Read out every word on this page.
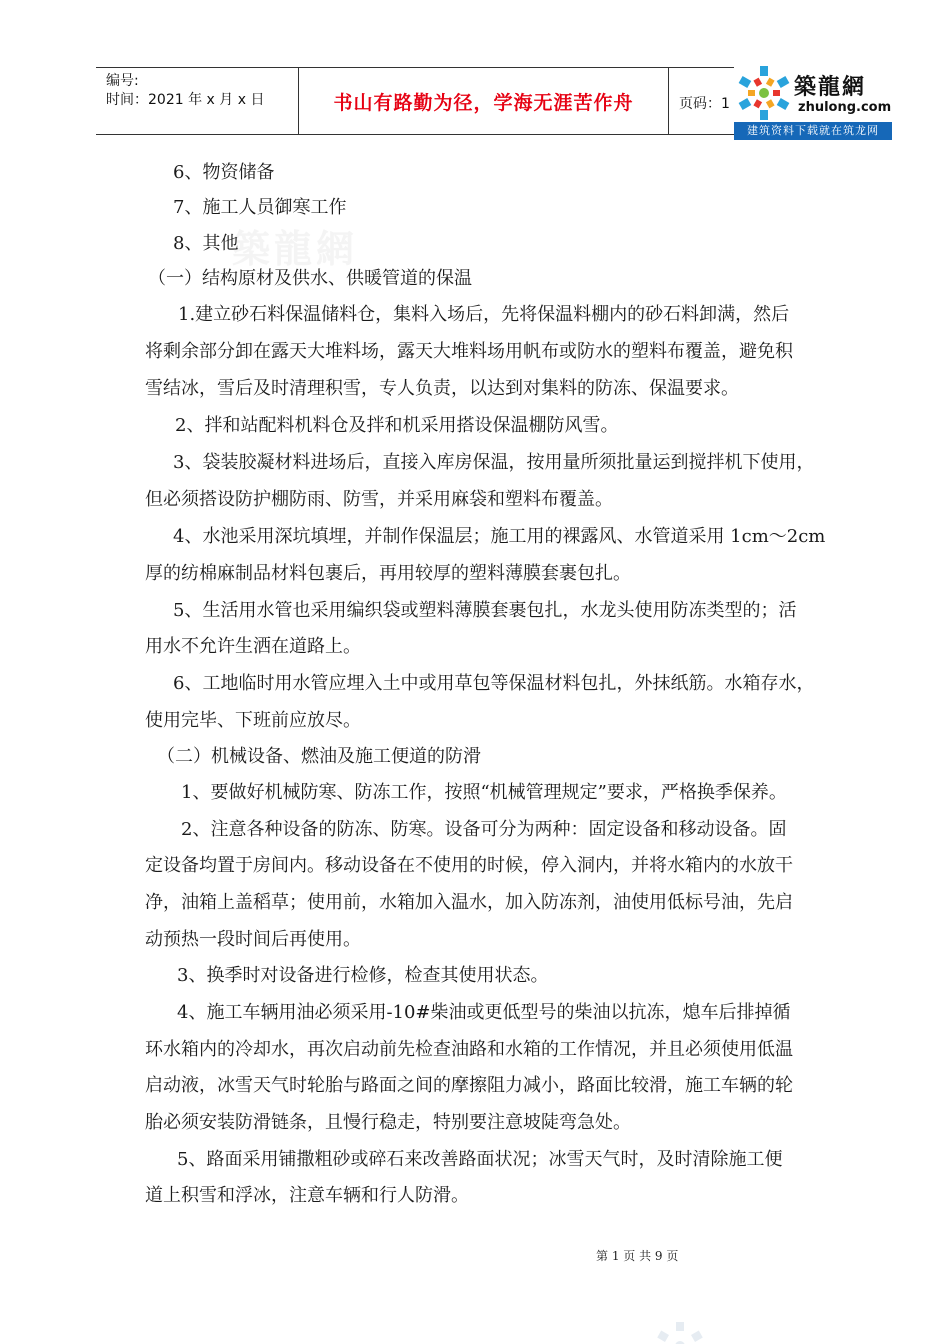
编号:
时间：2021 年 x 月 x 日	书山有路勤为径，学海无涯苦作舟	页码：1
築龍網
zhulong.com
建筑资料下载就在筑龙网
築龍網
6、物资储备
7、施工人员御寒工作
8、其他
（一）结构原材及供水、供暖管道的保温
1.建立砂石料保温储料仓，集料入场后，先将保温料棚内的砂石料卸满，然后
将剩余部分卸在露天大堆料场，露天大堆料场用帆布或防水的塑料布覆盖，避免积
雪结冰，雪后及时清理积雪，专人负责，以达到对集料的防冻、保温要求。
2、拌和站配料机料仓及拌和机采用搭设保温棚防风雪。
3、袋装胶凝材料进场后，直接入库房保温，按用量所须批量运到搅拌机下使用，
但必须搭设防护棚防雨、防雪，并采用麻袋和塑料布覆盖。
4、水池采用深坑填埋，并制作保温层；施工用的裸露风、水管道采用 1cm～2cm
厚的纺棉麻制品材料包裹后，再用较厚的塑料薄膜套裹包扎。
5、生活用水管也采用编织袋或塑料薄膜套裹包扎，水龙头使用防冻类型的；活
用水不允许生洒在道路上。
6、工地临时用水管应埋入土中或用草包等保温材料包扎，外抹纸筋。水箱存水，
使用完毕、下班前应放尽。
（二）机械设备、燃油及施工便道的防滑
1、要做好机械防寒、防冻工作，按照“机械管理规定”要求，严格换季保养。
2、注意各种设备的防冻、防寒。设备可分为两种：固定设备和移动设备。固
定设备均置于房间内。移动设备在不使用的时候，停入洞内，并将水箱内的水放干
净，油箱上盖稻草；使用前，水箱加入温水，加入防冻剂，油使用低标号油，先启
动预热一段时间后再使用。
3、换季时对设备进行检修，检查其使用状态。
4、施工车辆用油必须采用-10#柴油或更低型号的柴油以抗冻，熄车后排掉循
环水箱内的冷却水，再次启动前先检查油路和水箱的工作情况，并且必须使用低温
启动液，冰雪天气时轮胎与路面之间的摩擦阻力减小，路面比较滑，施工车辆的轮
胎必须安装防滑链条，且慢行稳走，特别要注意坡陡弯急处。
5、路面采用铺撒粗砂或碎石来改善路面状况；冰雪天气时，及时清除施工便
道上积雪和浮冰，注意车辆和行人防滑。
第 1 页 共 9 页
